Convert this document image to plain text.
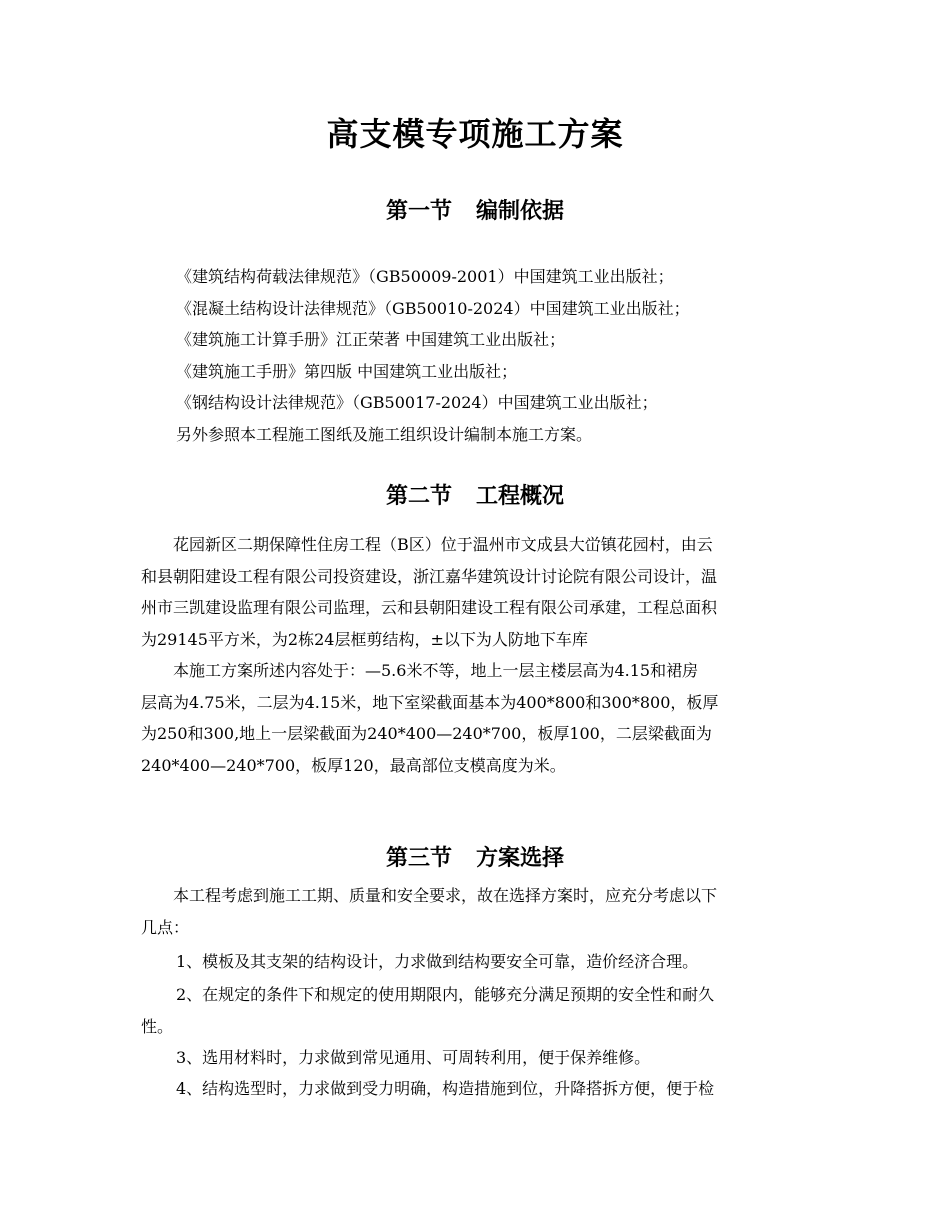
高支模专项施工方案
第一节 编制依据
《建筑结构荷载法律规范》（GB50009-2001）中国建筑工业出版社；
《混凝土结构设计法律规范》（GB50010-2024）中国建筑工业出版社；
《建筑施工计算手册》江正荣著 中国建筑工业出版社；
《建筑施工手册》第四版 中国建筑工业出版社；
《钢结构设计法律规范》（GB50017-2024）中国建筑工业出版社；
另外参照本工程施工图纸及施工组织设计编制本施工方案。
第二节 工程概况

　　花园新区二期保障性住房工程（B区）位于温州市文成县大峃镇花园村，由云

和县朝阳建设工程有限公司投资建设，浙江嘉华建筑设计讨论院有限公司设计，温

州市三凯建设监理有限公司监理，云和县朝阳建设工程有限公司承建，工程总面积

为29145平方米，为2栋24层框剪结构，±以下为人防地下车库

　　本施工方案所述内容处于：—5.6米不等，地上一层主楼层高为4.15和裙房

层高为4.75米，二层为4.15米，地下室梁截面基本为400*800和300*800，板厚

为250和300,地上一层梁截面为240*400—240*700，板厚100，二层梁截面为

240*400—240*700，板厚120，最高部位支模高度为米。

第三节 方案选择

　　本工程考虑到施工工期、质量和安全要求，故在选择方案时，应充分考虑以下

几点：

1、模板及其支架的结构设计，力求做到结构要安全可靠，造价经济合理。

2、在规定的条件下和规定的使用期限内，能够充分满足预期的安全性和耐久

性。

3、选用材料时，力求做到常见通用、可周转利用，便于保养维修。
4、结构选型时，力求做到受力明确，构造措施到位，升降搭拆方便，便于检
